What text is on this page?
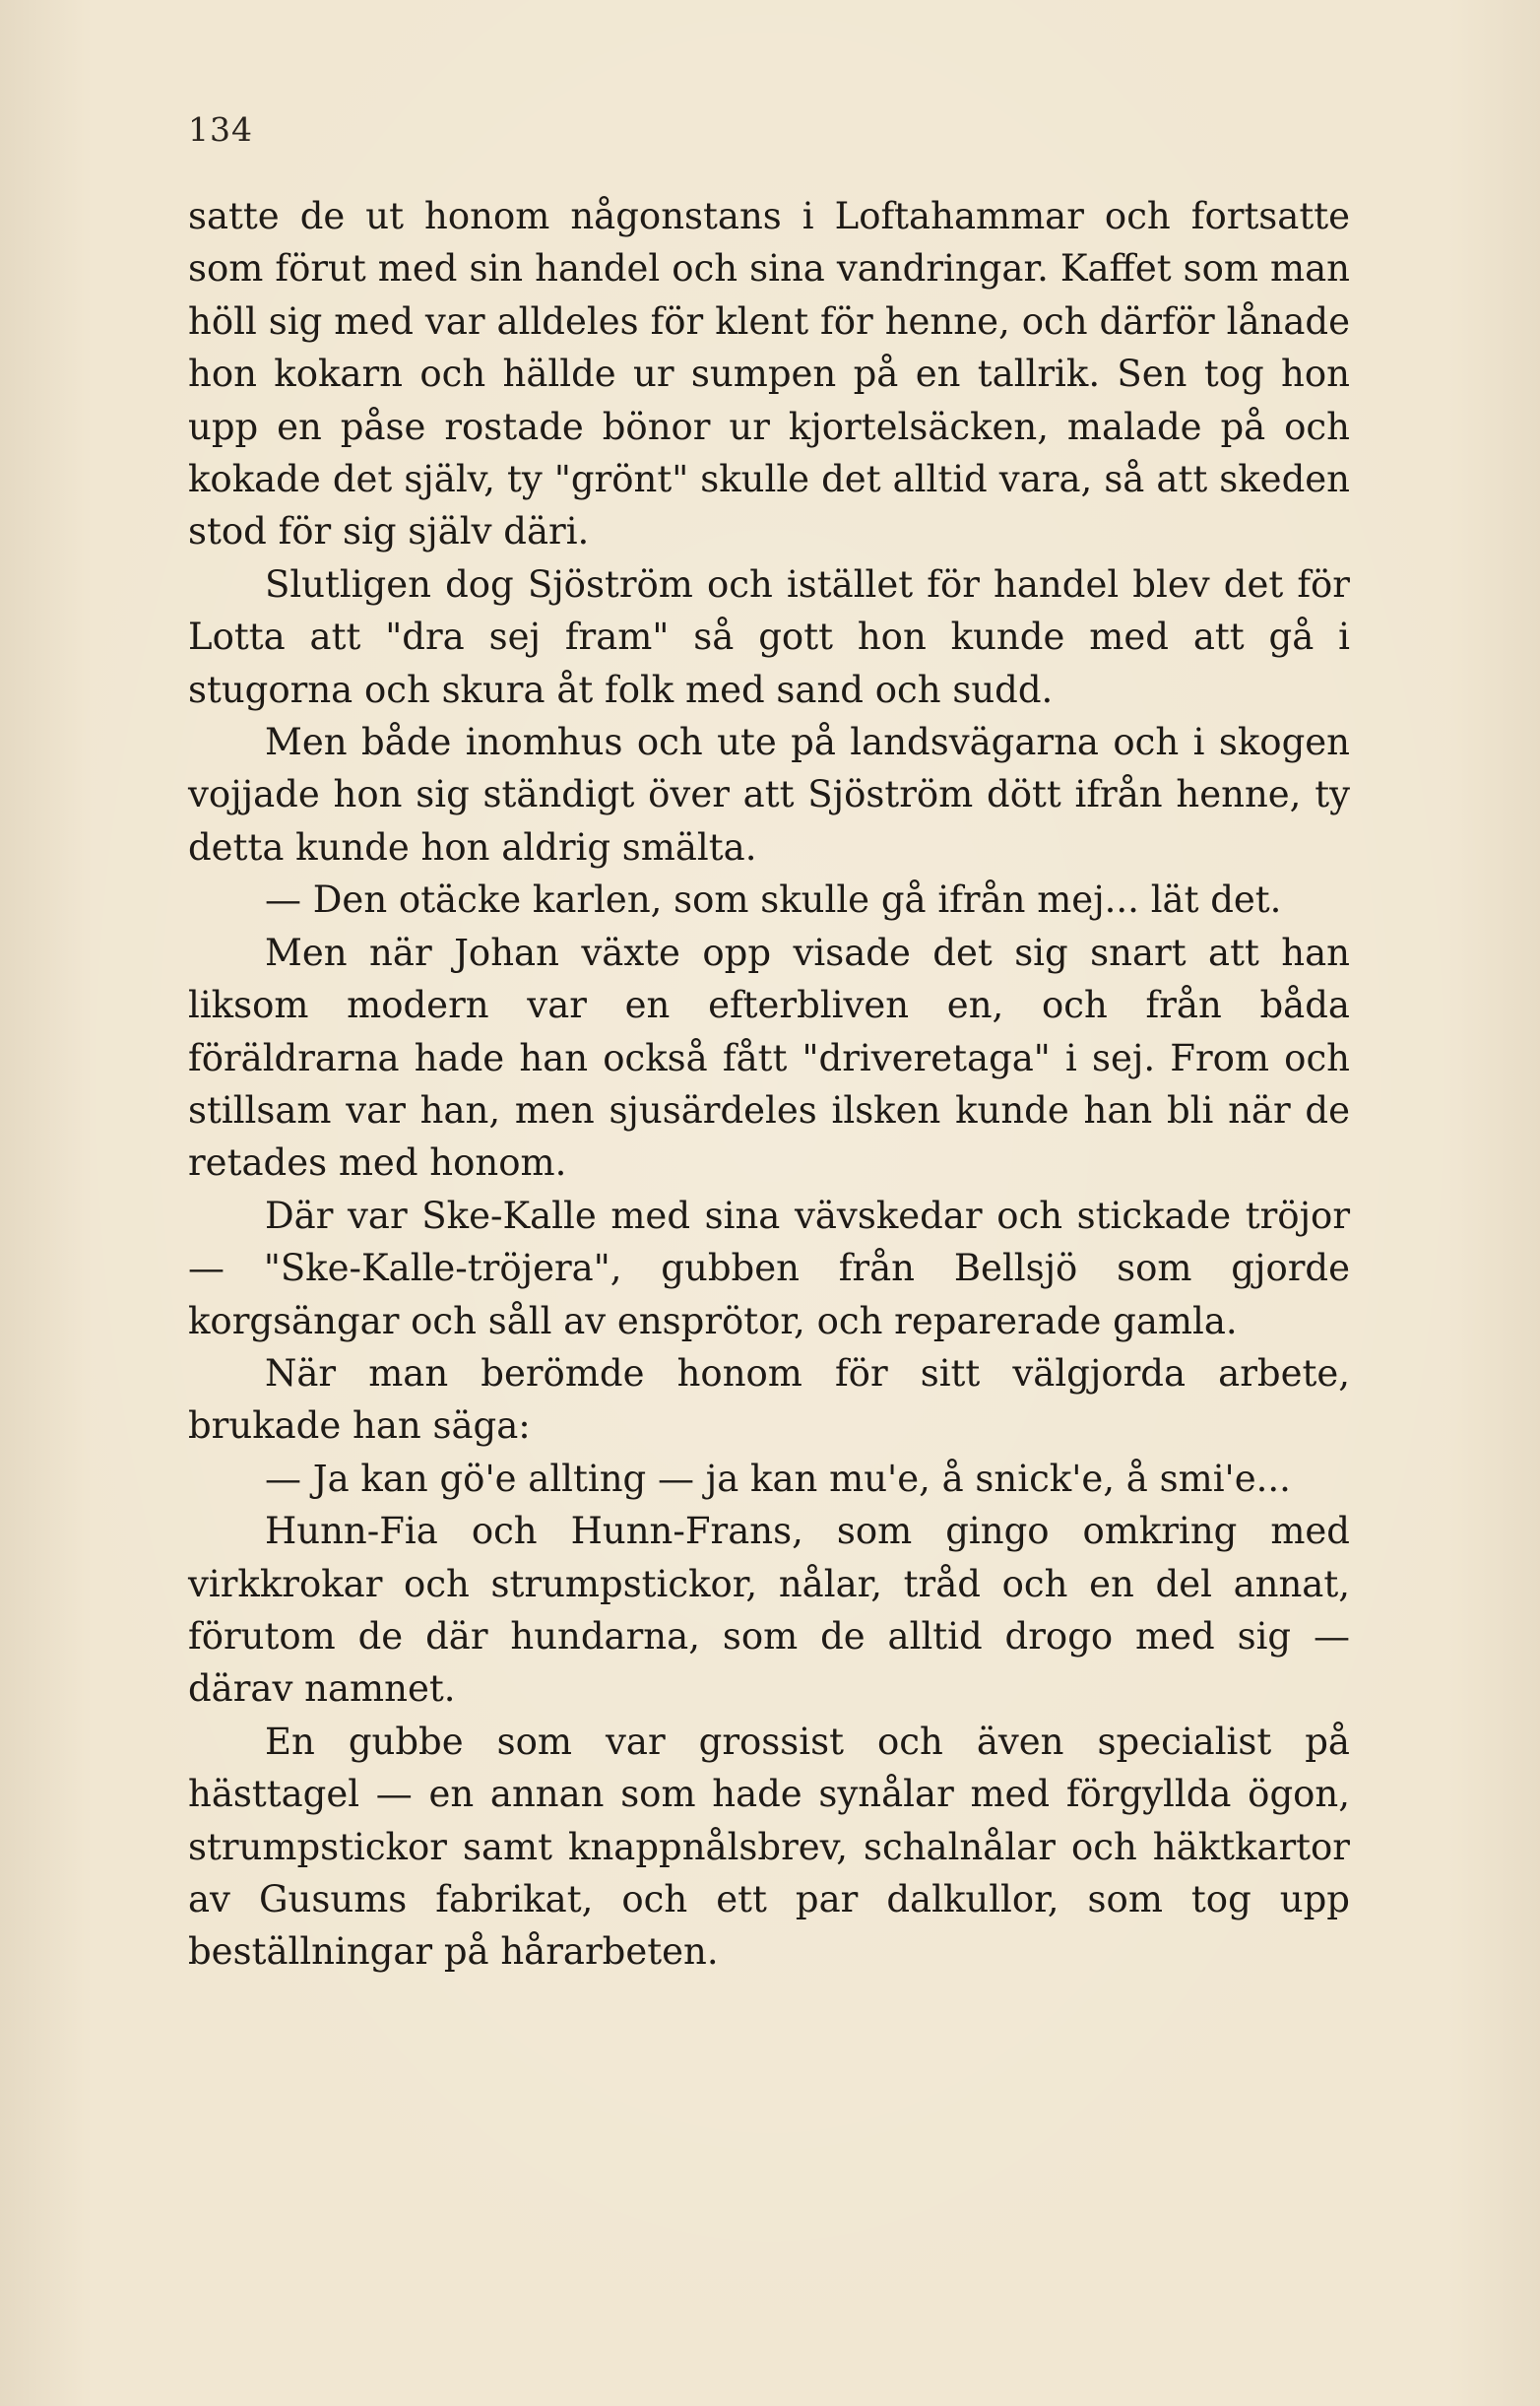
134

satte de ut honom någonstans i Loftahammar och fortsatte som förut med sin handel och sina vandringar. Kaffet som man höll sig med var alldeles för klent för henne, och därför lånade hon kokarn och hällde ur sumpen på en tallrik. Sen tog hon upp en påse rostade bönor ur kjortelsäcken, malade på och kokade det själv, ty "grönt" skulle det alltid vara, så att skeden stod för sig själv däri.

Slutligen dog Sjöström och istället för handel blev det för Lotta att "dra sej fram" så gott hon kunde med att gå i stugorna och skura åt folk med sand och sudd.

Men både inomhus och ute på landsvägarna och i skogen vojjade hon sig ständigt över att Sjöström dött ifrån henne, ty detta kunde hon aldrig smälta.

— Den otäcke karlen, som skulle gå ifrån mej... lät det.

Men när Johan växte opp visade det sig snart att han liksom modern var en efterbliven en, och från båda föräldrarna hade han också fått "driveretaga" i sej. From och stillsam var han, men sjusärdeles ilsken kunde han bli när de retades med honom.

Där var Ske-Kalle med sina vävskedar och stickade tröjor — "Ske-Kalle-tröjera", gubben från Bellsjö som gjorde korgsängar och såll av ensprötor, och reparerade gamla.

När man berömde honom för sitt välgjorda arbete, brukade han säga:

— Ja kan gö'e allting — ja kan mu'e, å snick'e, å smi'e...

Hunn-Fia och Hunn-Frans, som gingo omkring med virkkrokar och strumpstickor, nålar, tråd och en del annat, förutom de där hundarna, som de alltid drogo med sig — därav namnet.

En gubbe som var grossist och även specialist på hästtagel — en annan som hade synålar med förgyllda ögon, strumpstickor samt knappnålsbrev, schalnålar och häktkartor av Gusums fabrikat, och ett par dalkullor, som tog upp beställningar på hårarbeten.
